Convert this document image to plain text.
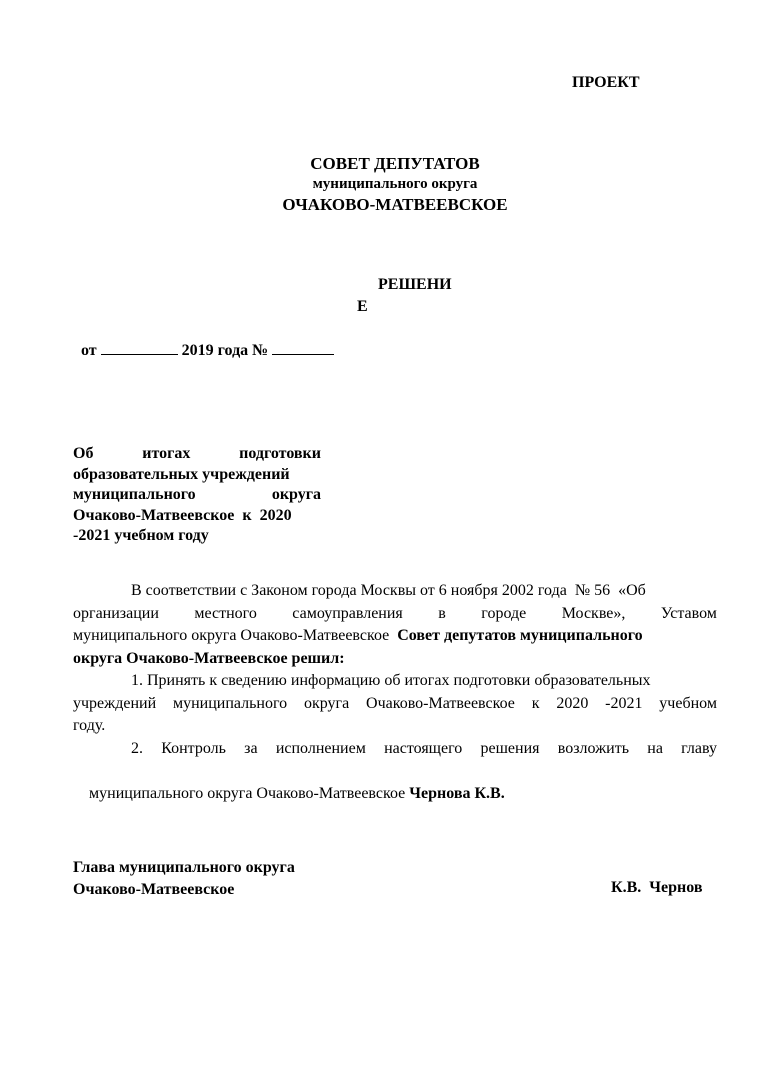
ПРОЕКТ
СОВЕТ ДЕПУТАТОВ
муниципального округа
ОЧАКОВО-МАТВЕЕВСКОЕ
РЕШЕНИ
Е
от	2019 года №
Об	итогах	подготовки
образовательных учреждений
муниципального	округа
Очаково-Матвеевское  к  2020
-2021 учебном году
В соответствии с Законом города Москвы от 6 ноября 2002 года  № 56  «Об
организации местного самоуправления в городе Москве», Уставом
муниципального округа Очаково-Матвеевское Совет депутатов муниципального
округа Очаково-Матвеевское решил:
1. Принять к сведению информацию об итогах подготовки образовательных
учреждений муниципального округа Очаково-Матвеевское к 2020 -2021 учебном
году.
2. Контроль за исполнением настоящего решения возложить на главу

муниципального округа Очаково-Матвеевское Чернова К.В.

Глава муниципального округа
Очаково-Матвеевское	К.В.  Чернов
